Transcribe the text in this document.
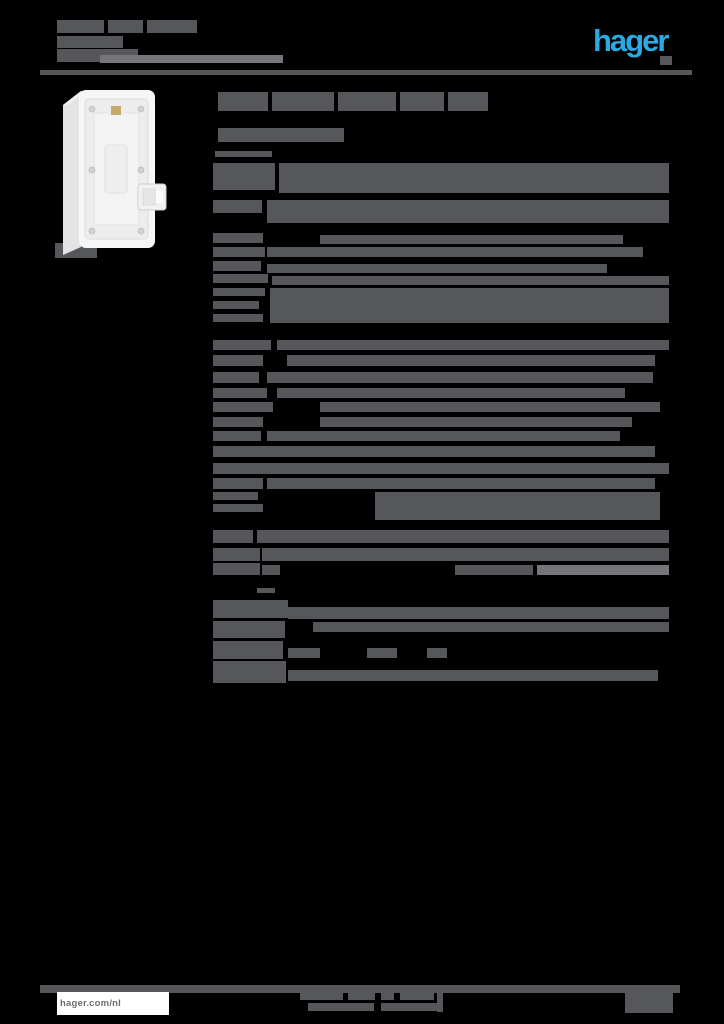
hager
hager.com/nl
